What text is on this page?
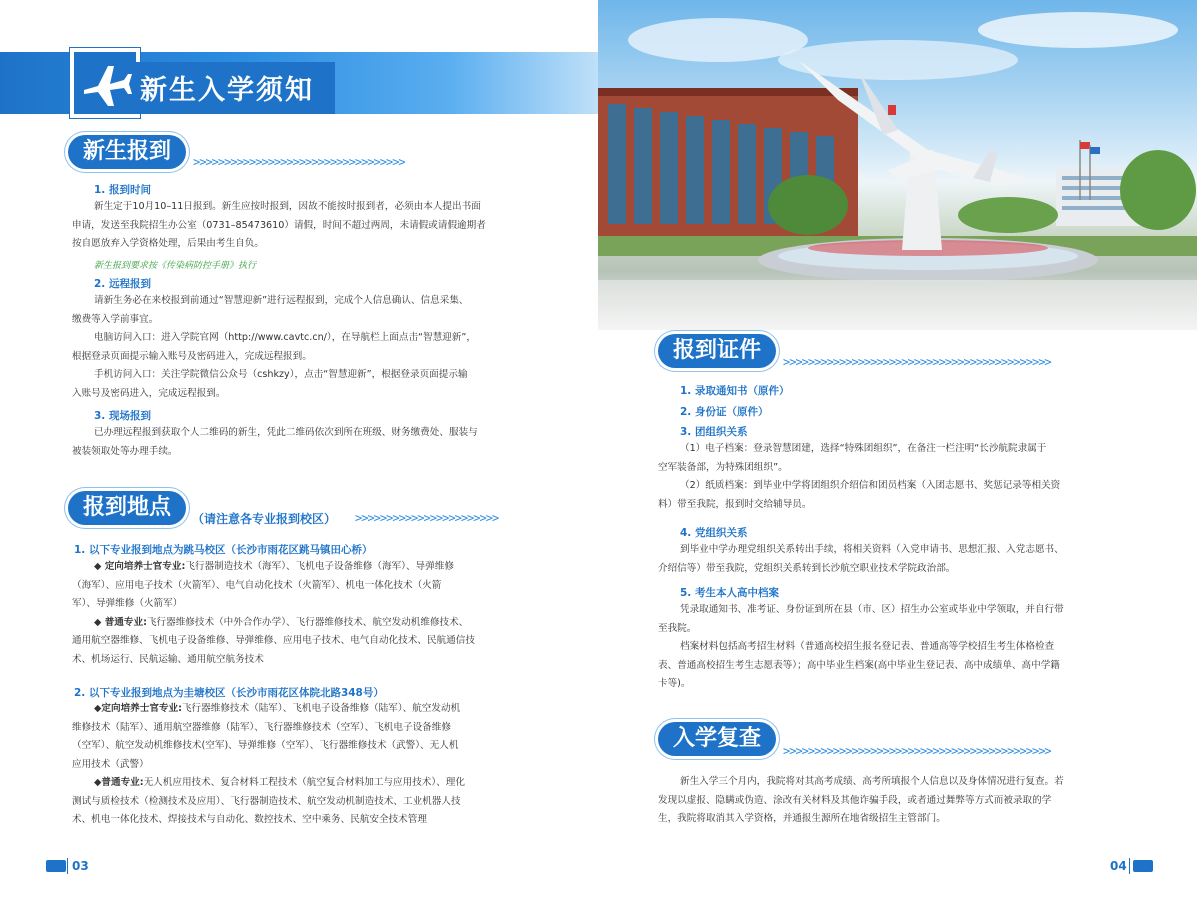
新生入学须知
新生报到	>>>>>>>>>>>>>>>>>>>>>>>>>>>>>>>>>>
1. 报到时间
新生定于10月10–11日报到。新生应按时报到，因故不能按时报到者，必须由本人提出书面
申请，发送至我院招生办公室（0731–85473610）请假，时间不超过两周，未请假或请假逾期者
按自愿放弃入学资格处理，后果由考生自负。
新生报到要求按《传染病防控手册》执行
2. 远程报到
请新生务必在来校报到前通过“智慧迎新”进行远程报到，完成个人信息确认、信息采集、
缴费等入学前事宜。
电脑访问入口：进入学院官网（http://www.cavtc.cn/），在导航栏上面点击“智慧迎新”，
根据登录页面提示输入账号及密码进入，完成远程报到。
手机访问入口：关注学院微信公众号（cshkzy），点击“智慧迎新”，根据登录页面提示输
入账号及密码进入，完成远程报到。
3. 现场报到
已办理远程报到获取个人二维码的新生，凭此二维码依次到所在班级、财务缴费处、服装与
被装领取处等办理手续。
报到地点	（请注意各专业报到校区） >>>>>>>>>>>>>>>>>>>>>>>
1. 以下专业报到地点为跳马校区（长沙市雨花区跳马镇田心桥）
◆ 定向培养士官专业:飞行器制造技术（海军）、飞机电子设备维修（海军）、导弹维修
（海军）、应用电子技术（火箭军）、电气自动化技术（火箭军）、机电一体化技术（火箭
军）、导弹维修（火箭军）
◆ 普通专业:飞行器维修技术（中外合作办学）、飞行器维修技术、航空发动机维修技术、
通用航空器维修、飞机电子设备维修、导弹维修、应用电子技术、电气自动化技术、民航通信技
术、机场运行、民航运输、通用航空航务技术
2. 以下专业报到地点为圭塘校区（长沙市雨花区体院北路348号）
◆定向培养士官专业:飞行器维修技术（陆军）、飞机电子设备维修（陆军）、航空发动机
维修技术（陆军）、通用航空器维修（陆军）、飞行器维修技术（空军）、飞机电子设备维修
（空军）、航空发动机维修技术(空军)、导弹维修（空军）、飞行器维修技术（武警）、无人机
应用技术（武警）
◆普通专业:无人机应用技术、复合材料工程技术（航空复合材料加工与应用技术）、理化
测试与质检技术（检测技术及应用）、飞行器制造技术、航空发动机制造技术、工业机器人技
术、机电一体化技术、焊接技术与自动化、数控技术、空中乘务、民航安全技术管理
03
报到证件	>>>>>>>>>>>>>>>>>>>>>>>>>>>>>>>>>>>>>>>>>>>
1. 录取通知书（原件）
2. 身份证（原件）
3. 团组织关系
（1）电子档案：登录智慧团建，选择“特殊团组织”，在备注一栏注明“长沙航院隶属于
空军装备部，为特殊团组织”。
（2）纸质档案：到毕业中学将团组织介绍信和团员档案（入团志愿书、奖惩记录等相关资
料）带至我院，报到时交给辅导员。
4. 党组织关系
到毕业中学办理党组织关系转出手续，将相关资料（入党申请书、思想汇报、入党志愿书、
介绍信等）带至我院，党组织关系转到长沙航空职业技术学院政治部。
5. 考生本人高中档案
凭录取通知书、准考证、身份证到所在县（市、区）招生办公室或毕业中学领取，并自行带
至我院。
档案材料包括高考招生材料（普通高校招生报名登记表、普通高等学校招生考生体格检查
表、普通高校招生考生志愿表等）；高中毕业生档案(高中毕业生登记表、高中成绩单、高中学籍
卡等)。
入学复查	>>>>>>>>>>>>>>>>>>>>>>>>>>>>>>>>>>>>>>>>>>>
新生入学三个月内，我院将对其高考成绩、高考所填报个人信息以及身体情况进行复查。若
发现以虚报、隐瞒或伪造、涂改有关材料及其他诈骗手段，或者通过舞弊等方式而被录取的学
生，我院将取消其入学资格，并通报生源所在地省级招生主管部门。
04
